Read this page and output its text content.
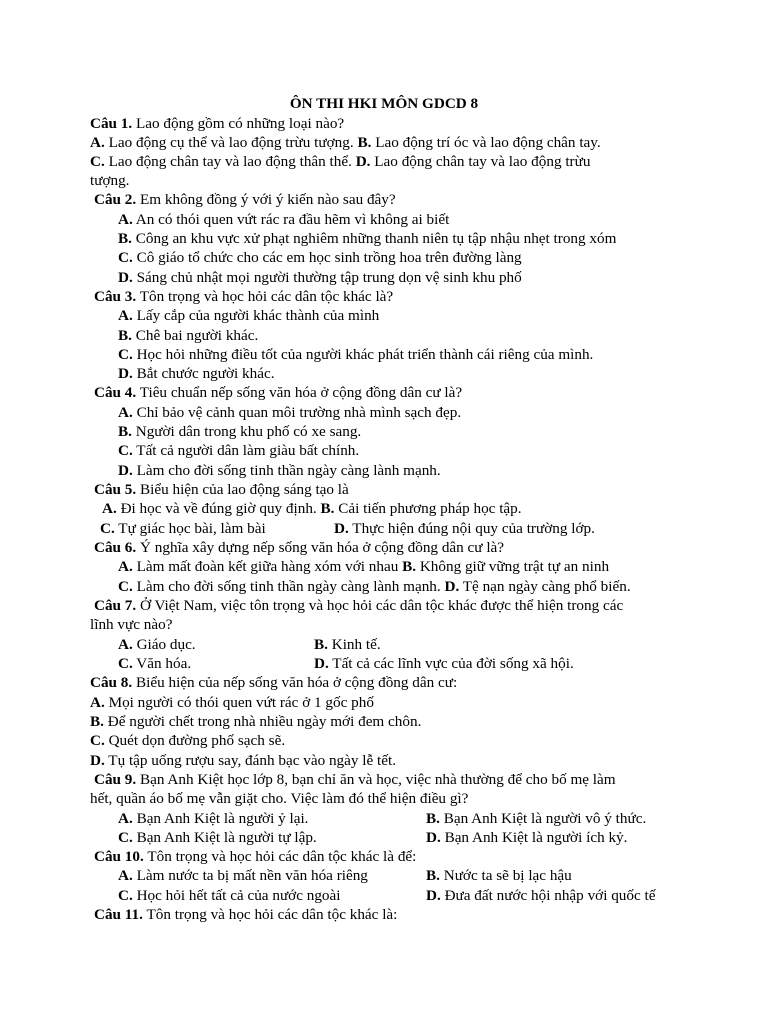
ÔN THI HKI MÔN GDCD 8
Câu 1. Lao động gồm có những loại nào?
A. Lao động cụ thể và lao động trừu tượng. B. Lao động trí óc và lao động chân tay.
C. Lao động chân tay và lao động thân thể. D. Lao động chân tay và lao động trừu
tượng.
Câu 2. Em không đồng ý với ý kiến nào sau đây?
A. An có thói quen vứt rác ra đầu hẽm vì không ai biết
B. Công an khu vực xử phạt nghiêm những thanh niên tụ tập nhậu nhẹt trong xóm
C. Cô giáo tổ chức cho các em học sinh trồng hoa trên đường làng
D. Sáng chủ nhật mọi người thường tập trung dọn vệ sinh khu phố
Câu 3. Tôn trọng và học hỏi các dân tộc khác là?
A. Lấy cắp của người khác thành của mình
B. Chê bai người khác.
C. Học hỏi những điều tốt của người khác phát triển thành cái riêng của mình.
D. Bắt chước người khác.
Câu 4. Tiêu chuẩn nếp sống văn hóa ở cộng đồng dân cư là?
A. Chỉ bảo vệ cảnh quan môi trường nhà mình sạch đẹp.
B. Người dân trong khu phố có xe sang.
C. Tất cả người dân làm giàu bất chính.
D. Làm cho đời sống tinh thần ngày càng lành mạnh.
Câu 5. Biểu hiện của lao động sáng tạo là
A. Đi học và về đúng giờ quy định. B. Cải tiến phương pháp học tập.
C. Tự giác học bài, làm bài
Câu 6. Ý nghĩa xây dựng nếp sống văn hóa ở cộng đồng dân cư là?
A. Làm mất đoàn kết giữa hàng xóm với nhau B. Không giữ vững trật tự an ninh
C. Làm cho đời sống tinh thần ngày càng lành mạnh. D. Tệ nạn ngày càng phổ biến.
Câu 7. Ở Việt Nam, việc tôn trọng và học hỏi các dân tộc khác được thể hiện trong các
lĩnh vực nào?
A. Giáo dục.
C. Văn hóa.
Câu 8. Biểu hiện của nếp sống văn hóa ở cộng đồng dân cư:
A. Mọi người có thói quen vứt rác ở 1 gốc phố
B. Để người chết trong nhà nhiều ngày mới đem chôn.
C. Quét dọn đường phố sạch sẽ.
D. Tụ tập uống rượu say, đánh bạc vào ngày lễ tết.
Câu 9. Bạn Anh Kiệt học lớp 8, bạn chỉ ăn và học, việc nhà thường để cho bố mẹ làm
hết, quần áo bố mẹ vẫn giặt cho. Việc làm đó thể hiện điều gì?
A. Bạn Anh Kiệt là người ỷ lại.
C. Bạn Anh Kiệt là người tự lập.
Câu 10. Tôn trọng và học hỏi các dân tộc khác là để:
A. Làm nước ta bị mất nền văn hóa riêng
C. Học hỏi hết tất cả của nước ngoài
Câu 11. Tôn trọng và học hỏi các dân tộc khác là:
D. Thực hiện đúng nội quy của trường lớp.
B. Kinh tế.
D. Tất cả các lĩnh vực của đời sống xã hội.
B. Bạn Anh Kiệt là người vô ý thức.
D. Bạn Anh Kiệt là người ích kỷ.
B. Nước ta sẽ bị lạc hậu
D. Đưa đất nước hội nhập với quốc tế
